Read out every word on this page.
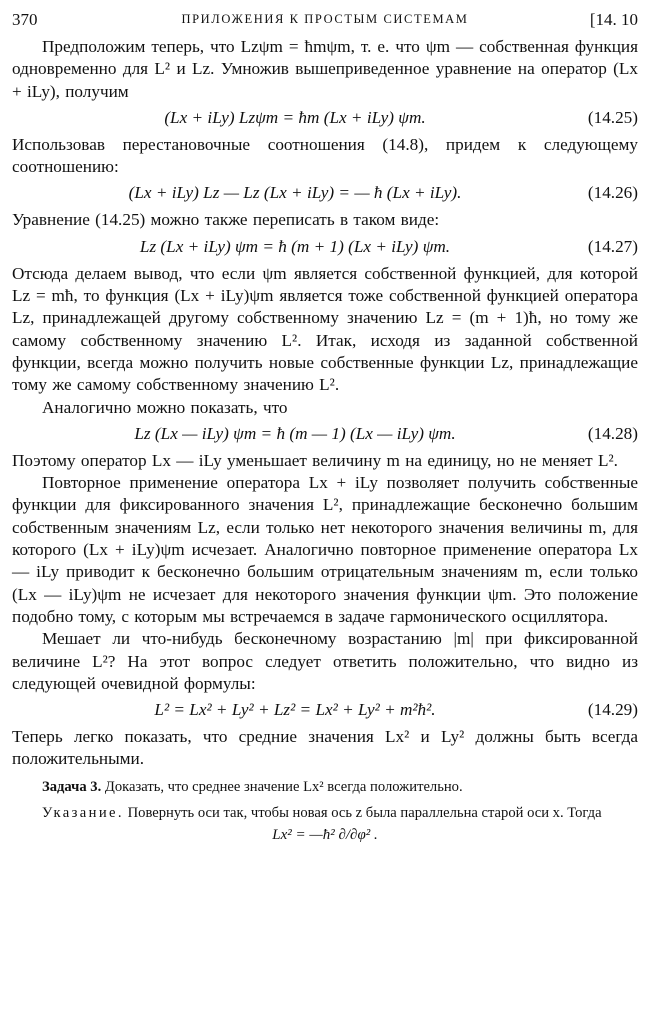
370	ПРИЛОЖЕНИЯ К ПРОСТЫМ СИСТЕМАМ	[14. 10

Предположим теперь, что Lzψm = ħmψm, т. е. что ψm — собственная функция одновременно для L² и Lz. Умножив вышеприведенное уравнение на оператор (Lx + iLy), получим

(Lx + iLy) Lzψm = ħm (Lx + iLy) ψm.	(14.25)

Использовав перестановочные соотношения (14.8), придем к следующему соотношению:

(Lx + iLy) Lz — Lz (Lx + iLy) = — ħ (Lx + iLy).	(14.26)

Уравнение (14.25) можно также переписать в таком виде:

Lz (Lx + iLy) ψm = ħ (m + 1) (Lx + iLy) ψm.	(14.27)

Отсюда делаем вывод, что если ψm является собственной функцией, для которой Lz = mħ, то функция (Lx + iLy)ψm является тоже собственной функцией оператора Lz, принадлежащей другому собственному значению Lz = (m + 1)ħ, но тому же самому собственному значению L². Итак, исходя из заданной собственной функции, всегда можно получить новые собственные функции Lz, принадлежащие тому же самому собственному значению L².

Аналогично можно показать, что

Lz (Lx — iLy) ψm = ħ (m — 1) (Lx — iLy) ψm.	(14.28)

Поэтому оператор Lx — iLy уменьшает величину m на единицу, но не меняет L².

Повторное применение оператора Lx + iLy позволяет получить собственные функции для фиксированного значения L², принадлежащие бесконечно большим собственным значениям Lz, если только нет некоторого значения величины m, для которого (Lx + iLy)ψm исчезает. Аналогично повторное применение оператора Lx — iLy приводит к бесконечно большим отрицательным значениям m, если только (Lx — iLy)ψm не исчезает для некоторого значения функции ψm. Это положение подобно тому, с которым мы встречаемся в задаче гармонического осциллятора.

Мешает ли что-нибудь бесконечному возрастанию |m| при фиксированной величине L²? На этот вопрос следует ответить положительно, что видно из следующей очевидной формулы:

L² = Lx² + Ly² + Lz² = Lx² + Ly² + m²ħ².	(14.29)

Теперь легко показать, что средние значения Lx² и Ly² должны быть всегда положительными.

Задача 3. Доказать, что среднее значение Lx² всегда положительно.

Указание. Повернуть оси так, чтобы новая ось z была параллельна старой оси x. Тогда

Lx² = —ħ² ∂/∂φ² .
